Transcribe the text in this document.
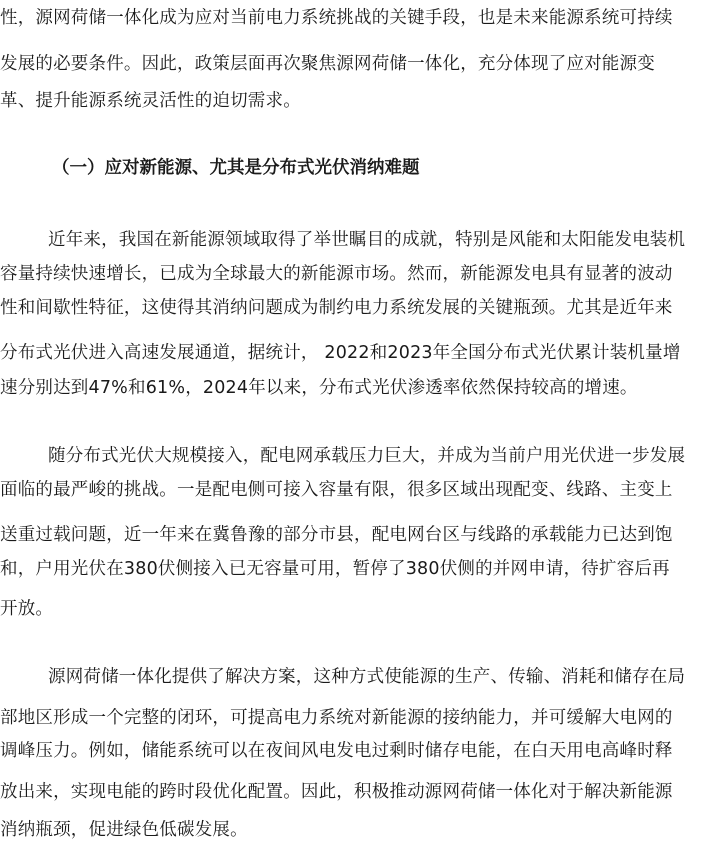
性，源网荷储一体化成为应对当前电力系统挑战的关键手段，也是未来能源系统可持续
发展的必要条件。因此，政策层面再次聚焦源网荷储一体化，充分体现了应对能源变
革、提升能源系统灵活性的迫切需求。
（一）应对新能源、尤其是分布式光伏消纳难题
近年来，我国在新能源领域取得了举世瞩目的成就，特别是风能和太阳能发电装机
容量持续快速增长，已成为全球最大的新能源市场。然而，新能源发电具有显著的波动
性和间歇性特征，这使得其消纳问题成为制约电力系统发展的关键瓶颈。尤其是近年来
分布式光伏进入高速发展通道，据统计， 2022和2023年全国分布式光伏累计装机量增
速分别达到47%和61%，2024年以来，分布式光伏渗透率依然保持较高的增速。
随分布式光伏大规模接入，配电网承载压力巨大，并成为当前户用光伏进一步发展
面临的最严峻的挑战。一是配电侧可接入容量有限，很多区域出现配变、线路、主变上
送重过载问题，近一年来在冀鲁豫的部分市县，配电网台区与线路的承载能力已达到饱
和，户用光伏在380伏侧接入已无容量可用，暂停了380伏侧的并网申请，待扩容后再
开放。
源网荷储一体化提供了解决方案，这种方式使能源的生产、传输、消耗和储存在局
部地区形成一个完整的闭环，可提高电力系统对新能源的接纳能力，并可缓解大电网的
调峰压力。例如，储能系统可以在夜间风电发电过剩时储存电能，在白天用电高峰时释
放出来，实现电能的跨时段优化配置。因此，积极推动源网荷储一体化对于解决新能源
消纳瓶颈，促进绿色低碳发展。
